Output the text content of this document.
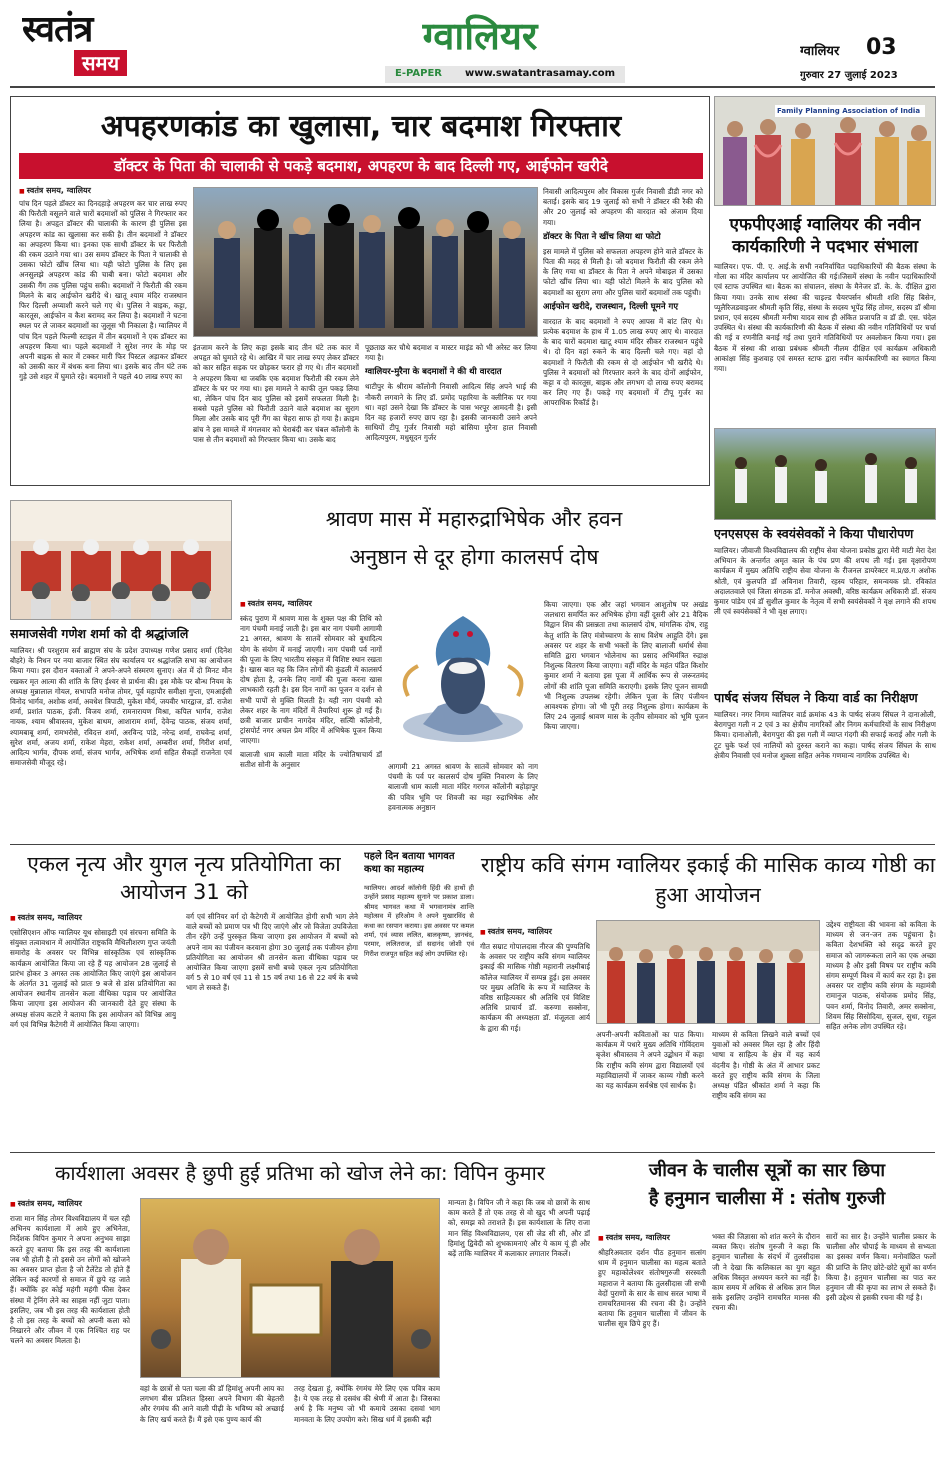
स्वतंत्र
समय
ग्वालियर
E-PAPER www.swatantrasamay.com
ग्वालियर 03
गुरुवार 27 जुलाई 2023
अपहरणकांड का खुलासा, चार बदमाश गिरफ्तार
डॉक्टर के पिता की चालाकी से पकड़े बदमाश, अपहरण के बाद दिल्ली गए, आईफोन खरीदे
■ स्वतंत्र समय, ग्वालियर
पांच दिन पहले डॉक्टर का दिनदहाड़े अपहरण कर चार लाख रुपए की फिरौती वसूलने वाले चारों बदमाशों को पुलिस ने गिरफ्तार कर लिया है। अपहृत डॉक्टर की चालाकी के कारण ही पुलिस इस अपहरण कांड का खुलासा कर सकी है। तीन बदमाशों ने डॉक्टर का अपहरण किया था। इनका एक साथी डॉक्टर के घर फिरौती की रकम उठाने गया था। उस समय डॉक्टर के पिता ने चालाकी से उसका फोटो खींच लिया था। यही फोटो पुलिस के लिए इस अनसुलझे अपहरण कांड की चाबी बना। फोटो बदमाश और उसकी गैंग तक पुलिस पहुंच सकी। बदमाशों ने फिरौती की रकम मिलने के बाद आईफोन खरीदे थे। खातू श्याम मंदिर राजस्थान फिर दिल्ली अय्याशी करने चले गए थे। पुलिस ने बाइक, कट्टा, कारतूस, आईफोन व कैश बरामद कर लिया है। बदमाशों ने घटना स्थल पर ले जाकर बदमाशों का जुलूस भी निकाला है। ग्वालियर में पांच दिन पहले फिल्मी स्टाइल में तीन बदमाशों ने एक डॉक्टर का अपहरण किया था। पहले बदमाशों ने सुरेश नगर के मोड़ पर अपनी बाइक से कार में टक्कर मारी फिर पिस्टल अड़ाकर डॉक्टर को उसकी कार में बंधक बना लिया था। इसके बाद तीन घंटे तक गुड़े उसे शहर में घुमाते रहे। बदमाशों ने पहले 40 लाख रुपए का
इंतजाम करने के लिए कहा इसके बाद तीन घंटे तक कार में अपहृत को घुमाते रहे थे। आखिर में चार लाख रुपए लेकर डॉक्टर को कार सहित सड़क पर छोड़कर फरार हो गए थे। तीन बदमाशों ने अपहरण किया था जबकि एक बदमाश फिरौती की रकम लेने डॉक्टर के घर पर गया था। इस मामले ने काफी तूल पकड़ लिया था, लेकिन पांच दिन बाद पुलिस को इसमें सफलता मिली है। सबसे पहले पुलिस को फिरौती उठाने वाले बदमाश का सुराग मिला और उसके बाद पूरी गैंग का चेहरा साफ हो गया है। क्राइम ब्रांच ने इस मामले में मंगलवार को घेराबंदी कर चंबल कॉलोनी के पास से तीन बदमाशों को गिरफ्तार किया था। उसके बाद
पूछताछ कर चौथे बदमाश व मास्टर माइंड को भी अरेस्ट कर लिया गया है।
ग्वालियर-मुरैना के बदमाशों ने की थी वारदात
थाटीपुर के श्रीराम कॉलोनी निवासी आदित्य सिंह अपने भाई की नौकरी लगवाने के लिए डॉ. प्रमोद पहारिया के क्लीनिक पर गया था। वहां उसने देखा कि डॉक्टर के पास भरपूर आमदनी है। इसी दिन वह हजारों रुपए छाप रहा है। इसकी जानकारी उसने अपने साथियों टीपू गुर्जर निवासी महो बांसिया मुरैना हाल निवासी आदित्यपुरम, मधुसूदन गुर्जर
निवासी आदित्यपुरम और विकास गुर्जर निवासी डीडी नगर को बताई। इसके बाद 19 जुलाई को सभी ने डॉक्टर की रैकी की और 20 जुलाई को अपहरण की वारदात को अंजाम दिया गया।
डॉक्टर के पिता ने खींच लिया था फोटो
इस मामले में पुलिस को सफलता अपहरण होने वाले डॉक्टर के पिता की मदद से मिली है। जो बदमाश फिरौती की रकम लेने के लिए गया था डॉक्टर के पिता ने अपने मोबाइल में उसका फोटो खींच लिया था। यही फोटो मिलने के बाद पुलिस को बदमाशों का सुराग लगा और पुलिस चारों बदमाशों तक पहुंची।
आईफोन खरीदे, राजस्थान, दिल्ली घूमने गए
वारदात के बाद बदमाशों ने रुपए आपस में बांट लिए थे। प्रत्येक बदमाश के हाथ में 1.05 लाख रुपए आए थे। वारदात के बाद चारों बदमाश खाटू श्याम मंदिर सीकर राजस्थान पहुंचे थे। दो दिन वहां रुकने के बाद दिल्ली चले गए। वहां दो बदमाशों ने फिरौती की रकम से दो आईफोन भी खरीदे थे। पुलिस ने बदमाशों को गिरफ्तार करने के बाद दोनों आईफोन, कट्टा व दो कारतूस, बाइक और लगभग दो लाख रुपए बरामद कर लिए गए हैं। पकड़े गए बदमाशों में टीपू गुर्जर का आपराधिक रिकॉर्ड है।
Family Planning Association of India
एफपीएआई ग्वालियर की नवीन कार्यकारिणी ने पदभार संभाला
ग्वालियर। एफ. पी. ए. आई.के सभी नवनिर्वाचित पदाधिकारियों की बैठक संस्था के गोला का मंदिर कार्यालय पर आयोजित की गई।जिसमें संस्था के नवीन पदाधिकारियों एवं स्टाफ उपस्थित था। बैठक का संचालन, संस्था के मैनेजर डॉ. के. के. दीक्षित द्वारा किया गया। उनके साथ संस्था की चाइल्ड चैयरपर्सन श्रीमती शशि सिंह बिसेन, प्यूलैरिजडवाइजर श्रीमती कृति सिंह, संस्था के सदस्य भूपेंद्र सिंह तोमर, सदस्य डॉ श्रीमा प्रधान, एवं सदस्य श्रीमती मनीषा यादव साथ ही अंकित प्रजापति व डॉ डी. एस. चंदेल उपस्थित थे। संस्था की कार्यकारिणी की बैठक में संस्था की नवीन गतिविधियों पर चर्चा की गई व रणनीति बनाई गई तथा पुराने गतिविधियों पर अवलोकन किया गया। इस बैठक में संस्था की शाखा प्रबंधक श्रीमती नीलम दीक्षित एवं कार्यक्रम अधिकारी आकांक्षा सिंह कुशवाह एवं समस्त स्टाफ द्वारा नवीन कार्यकारिणी का स्वागत किया गया।
एनएसएस के स्वयंसेवकों ने किया पौधारोपण
ग्वालियर। जीवाजी विश्वविद्यालय की राष्ट्रीय सेवा योजना प्रकोष्ठ द्वारा मेरी माटी मेरा देश अभियान के अन्तर्गत अमृत काल के पंच प्रण की शपथ ली गई। इस वृक्षारोपण कार्यक्रम में मुख्य अतिथि राष्ट्रीय सेवा योजना के रीजनल डायरेक्टर म.प्र/छ.ग अशोक श्रोती, एवं कुलपति डॉ अविनाश तिवारी, रहस्य परिहार, समन्वयक प्रो. रविकांत अदालतवाले एवं जिला संगठक डॉ. मनोज अवस्थी, वरिष्ठ कार्यक्रम अधिकारी डॉ. संजय कुमार पांडेय एवं डॉ सुशील कुमार के नेतृत्व में सभी स्वयंसेवकों ने वृक्ष लगाने की शपथ ली एवं स्वयंसेवकों ने भी वृक्ष लगाए।
पार्षद संजय सिंघल ने किया वार्ड का निरीक्षण
ग्वालियर। नगर निगम ग्वालियर वार्ड क्रमांक 43 के पार्षद संजय सिंघल ने दानाओली, बेरागपुरा गली न 2 एवं 3 का क्षेत्रीय नागरिकों और निगम कर्मचारियों के साथ निरीक्षण किया। दानाओली, बेरागपुरा की इस गली में व्याप्त गंदगी की सफाई कराई और गली के टूट चुके फर्श एवं नालियों को दुरुस्त कराने का कहा। पार्षद संजय सिंघल के साथ क्षेत्रीय निवासी एवं मनोज शुक्ला सहित अनेक गणमान्य नागरिक उपस्थित थे।
समाजसेवी गणेश शर्मा को दी श्रद्धांजलि
ग्वालियर। श्री परशुराम सर्व ब्राह्मण संघ के प्रदेश उपाध्यक्ष गणेश प्रसाद शर्मा (दिनेश बौहरे) के निधन पर नया बाजार स्थित संघ कार्यालय पर श्रद्धांजलि सभा का आयोजन किया गया। इस दौरान वक्ताओं ने अपने-अपने संस्मरण सुनाए। अंत में दो मिनट मौन रखकर मृत आत्मा की शांति के लिए ईश्वर से प्रार्थना की। इस मौके पर बौन्ध नियम के अध्यक्ष मुन्नालाल गोयल, सभापति मनोज तोमर, पूर्व महापौर समीक्षा गुप्ता, एमआईसी विनोद भार्गव, अशोक शर्मा, अवधेश त्रिपाठी, मुकेश मौर्य, जयवीर भारद्वाज, डॉ. राजेश शर्मा, प्रशांत पाठक, इंजी. विजय शर्मा, रामनारायण मिश्रा, कपिल भार्गव, राजेश नायक, श्याम श्रीवास्तव, मुकेश बाथम, आशाराम शर्मा, देवेन्द्र पाठक, संजय शर्मा, श्यामबाबू शर्मा, रामभरोसे, रविदत्त शर्मा, अरविन्द पांडे, नरेन्द्र शर्मा, राघवेन्द्र शर्मा, सुरेश शर्मा, अजय शर्मा, राकेश मेहरा, राकेश शर्मा, अम्बरीश शर्मा, गिरीश शर्मा, आदित्य भार्गव, दीपक शर्मा, संजय भार्गव, अभिषेक शर्मा सहित सैकड़ों राजनेता एवं समाजसेवी मौजूद रहे।
श्रावण मास में महारुद्राभिषेक और हवन
अनुष्ठान से दूर होगा कालसर्प दोष
■ स्वतंत्र समय, ग्वालियर
स्कंद पुराण में श्रावण मास के शुक्ल पक्ष की तिथि को नाग पंचमी मनाई जाती है। इस बार नाग पंचमी आगामी 21 अगस्त, श्रावण के सातवें सोमवार को बुधादित्य योग के संयोग में मनाई जाएगी। नाग पंचमी पर्व नागों की पूजा के लिए भारतीय संस्कृत में विशिष्ट स्थान रखता है। खास बात यह कि जिन लोगों की कुंडली में कालसर्प दोष होता है, उनके लिए नागों की पूजा करना खास लाभकारी रहती है। इस दिन नागों का पूजन व दर्शन से सभी पापों से मुक्ति मिलती है। यही नाग पंचमी को लेकर शहर के नाग मंदिरों में तैयारियां शुरू हो गई हैं। छत्री बाजार प्राचीन नागदेव मंदिर, सत्यिी कॉलोनी, ट्रांसपोर्ट नगर अचल प्रेम मंदिर में अभिषेक पूजन किया जाएगा।
बालाजी धाम काली माता मंदिर के ज्योतिषाचार्य डॉ सतीश सोनी के अनुसार	आगामी 21 अगस्त श्रावण के सातवें सोमवार को नाग पंचमी के पर्व पर कालसर्प दोष मुक्ति निवारण के लिए बालाजी धाम काली माता मंदिर गरगज कॉलोनी बहोड़ापुर की पवित्र भूमि पर शिवजी का महा रुद्राभिषेक और हवनात्मक अनुष्ठान
किया जाएगा। एक और जहां भगवान आशुतोष पर अखंड जलधारा समर्पित कर अभिषेक होगा वहीं दूसरी ओर 21 वैदिक विद्वान शिव की प्रसन्नता तथा कालसर्प दोष, मांगलिक दोष, राहु केतु शांति के लिए मंत्रोच्चारण के साथ विशेष आहुति देंगे। इस अवसर पर शहर के सभी भक्तों के लिए बालाजी धर्मार्थ सेवा समिति द्वारा भगवान भोलेनाथ का प्रसाद अभिमंत्रित रुद्राक्ष निशुल्क वितरण किया जाएगा। वहीं मंदिर के महंत पंडित किशोर कुमार शर्मा ने बताया इस पूजा में आर्थिक रूप से जरूरतमंद लोगों की शांति पूजा समिति कराएगी। इसके लिए पूजन सामग्री भी निशुल्क उपलब्ध रहेगी। लेकिन पूजा के लिए पंजीयन आवश्यक होगा। जो भी पूरी तरह निशुल्क होगा। कार्यक्रम के लिए 24 जुलाई श्रावण मास के तृतीय सोमवार को भूमि पूजन किया जाएगा।
एकल नृत्य और युगल नृत्य प्रतियोगिता का आयोजन 31 को
■ स्वतंत्र समय, ग्वालियर
एसोसिएशन ऑफ ग्वालियर यूथ सोसाइटी एवं संरचना समिति के संयुक्त तत्वावधान में आयोजित राष्ट्रकवि मैथिलीशरण गुप्त जयंती समारोह के अवसर पर विभिन्न सांस्कृतिक एवं सांस्कृतिक कार्यक्रम आयोजित किया जा रहे हैं यह आयोजन 28 जुलाई से प्रारंभ होकर 3 अगस्त तक आयोजित किए जाएंगे इस आयोजन के अंतर्गत 31 जुलाई को प्रातः 9 बजे से डांस प्रतियोगिता का आयोजन स्थानीय तानसेन कला वीथिका पड़ाव पर आयोजित किया जाएगा इस आयोजन की जानकारी देते हुए संस्था के अध्यक्ष संजय कटारे ने बताया कि इस आयोजन को विभिन्न आयु वर्ग एवं विभिन्न कैटेगरी में आयोजित किया जाएगा।
वर्ग एवं सीनियर वर्ग दो कैटेगरी में आयोजित होगी सभी भाग लेने वाले बच्चों को प्रमाण पत्र भी दिए जाएंगे और जो विजेता उपविजेता तीन रहेंगे उन्हें पुरस्कृत किया जाएगा इस आयोजन में बच्चों को अपने नाम का पंजीयन करवाना होगा 30 जुलाई तक पंजीयन होगा प्रतियोगिता का आयोजन श्री तानसेन कला वीथिका पड़ाव पर आयोजित किया जाएगा इसमें सभी बच्चे एकल नृत्य प्रतियोगिता वर्ग 5 से 10 वर्ष एवं 11 से 15 वर्ष तथा 16 से 22 वर्ष के बच्चे भाग ले सकते हैं।
पहले दिन बताया भागवत कथा का महात्म्य
ग्वालियर। आदर्श कॉलोनी हिंदी की हाथों ही उन्होंने प्रसाद महात्म्य सुनाने पर प्रकाश डाला। श्रीमद भागवत कथा में भगवानामंत्र शान्ति महोत्सव में हरिओम ने अपने मुखारविंद से कथा का रसपान कराया। इस अवसर पर कमल शर्मा, एवं व्यास ललित, बालकृष्ण, ज्ञानचंद, परमार, ललितराज, डॉ सदानंद जोशी एवं गिरीश राजपूत सहित कई लोग उपस्थित रहे।
राष्ट्रीय कवि संगम ग्वालियर इकाई की मासिक काव्य गोष्ठी का हुआ आयोजन
■ स्वतंत्र समय, ग्वालियर
गीत सम्राट गोपालदास नीरज की पुण्यतिथि के अवसर पर राष्ट्रीय कवि संगम ग्वालियर इकाई की मासिक गोष्ठी महारानी लक्ष्मीबाई कॉलेज ग्वालियर में सम्पन्न हुई। इस अवसर पर मुख्य अतिथि के रूप में ग्वालियर के वरिष्ठ साहित्यकार श्री अतिथि एवं विशिष्ट अतिथि प्राचार्य डॉ. करुणा सक्सेना, कार्यक्रम की अध्यक्षता डॉ. मंजूलता आर्य के द्वारा की गई।
अपनी-अपनी कविताओं का पाठ किया। कार्यक्रम में पधारे मुख्य अतिथि गोविंदराम बृजेश श्रीवास्तव ने अपने उद्बोधन में कहा कि राष्ट्रीय कवि संगम द्वारा विद्यालयों एवं महाविद्यालयों में जाकर काव्य गोष्ठी करने का यह कार्यक्रम सर्वश्रेष्ठ एवं सार्थक है।
माध्यम से कविता लिखने वाले बच्चों एवं युवाओं को अवसर मिल रहा है और हिंदी भाषा व साहित्य के क्षेत्र में यह कार्य वंदनीय है। गोष्ठी के अंत में आभार प्रकट करते हुए राष्ट्रीय कवि संगम के जिला अध्यक्ष पंडित श्रीकांत शर्मा ने कहा कि राष्ट्रीय कवि संगम का
उद्देश्य राष्ट्रीयता की भावना को कविता के माध्यम से जन-जन तक पहुंचाना है। कविता देशभक्ति को सदृढ करते हुए समाज को जागरूकता लाने का एक अच्छा माध्यम है और इसी विषय पर राष्ट्रीय कवि संगम सम्पूर्ण विश्व में कार्य कर रहा है। इस अवसर पर राष्ट्रीय कवि संगम के महामंत्री रामानुज पाठक, संयोजक प्रमोद सिंह, पवन शर्मा, विनोद तिवारी, अमर सक्सेना, शिवम सिंह सिसोदिया, सुजल, सुधा, राहुल सहित अनेक लोग उपस्थित रहे।
कार्यशाला अवसर है छुपी हुई प्रतिभा को खोज लेने का: विपिन कुमार
■ स्वतंत्र समय, ग्वालियर
राजा मान सिंह तोमर विश्वविद्यालय में चल रही अभिनय कार्यशाला में आये हुए अभिनेता, निर्देशक विपिन कुमार ने अपना अनुभव साझा करते हुए बताया कि इस तरह की कार्यशाला जब भी होती है तो इससे उन लोगों को खोजने का अवसर प्राप्त होता है जो टैलेंटेड तो होते हैं लेकिन कई कारणों से समाज में छुपे रह जाते हैं। क्योंकि हर कोई महंगी महंगी फीस देकर संस्था में ट्रेनिंग लेने का साहस नहीं जुटा पाता। इसलिए, जब भी इस तरह की कार्यशाला होती है तो इस तरह के बच्चों को अपनी कला को निखारने और जीवन में एक निश्चित राह पर चलने का अवसर मिलता है।
वहां के छात्रों से पता चला की डॉ हिमांशु अपनी आय का लगभग बीस प्रतिशत हिस्सा अपने विभाग की बेहतरी और रंगमंच की आने वाली पीढ़ी के भविष्य को अच्छाई के लिए खर्च करते हैं। मैं इसे एक पुण्य कार्य की
तरह देखता हूं, क्योंकि रंगमंच मेरे लिए एक पवित्र काम है। ये एक तरह से दसवंध की श्रेणी में आता है। जिसका अर्थ है कि मनुष्य जो भी कमाये उसका दसवां भाग मानवता के लिए उपयोग करे। सिख धर्म में इसकी बड़ी
मान्यता है। विपिन जी ने कहा कि जब वो छात्रों के साथ काम करते हैं तो एक तरह से वो खुद भी अपनी पढ़ाई को, समझ को तराशते हैं। इस कार्यशाला के लिए राजा मान सिंह विश्वविद्यालय, एस सी जेड सी सी, और डॉ हिमांशु द्विवेदी को शुभकामनाएं और ये काम यूं ही और बढ़ें ताकि ग्वालियर में कलाकार लगातार निकलें।
जीवन के चालीस सूत्रों का सार छिपा
है हनुमान चालीसा में : संतोष गुरुजी
■ स्वतंत्र समय, ग्वालियर
श्रीहरिअवतार दर्शन पीठ हनुमान सत्संग धाम में हनुमान चालीसा का महत्व बताते हुए महाकोलेश्वर संतोषगुरुजी सरस्वती महाराज ने बताया कि तुलसीदास जी सभी वेदों पुराणों के सार के साथ सरल भाषा में रामचरितमानस की रचना की है। उन्होंने बताया कि हनुमान चालीसा में जीवन के चालीस सूत्र छिपे हुए हैं।
भक्त की जिज्ञासा को शांत करने के दौरान व्यक्त किए। संतोष गुरुजी ने कहा कि हनुमान चालीसा के संदर्भ में तुलसीदास जी ने देखा कि कलिकाल का युग बहुत अधिक विस्तृत अध्ययन करने का नहीं है। काम समय में अधिक से अधिक ज्ञान मिल सके इसलिए उन्होंने रामचरित मानस की रचना की।
सारों का सार है। उन्होंने चालीस प्रकार के चालीसा और चौपाई के माध्यम से सभ्यता का इसका वर्णन किया। मनोवांछित फलों की प्राप्ति के लिए छोटे-छोटे सूत्रों का वर्णन किया है। हनुमान चालीसा का पाठ कर हनुमान जी की कृपा का लाभ ले सकते हैं। इसी उद्देश्य से इसकी रचना की गई है।
